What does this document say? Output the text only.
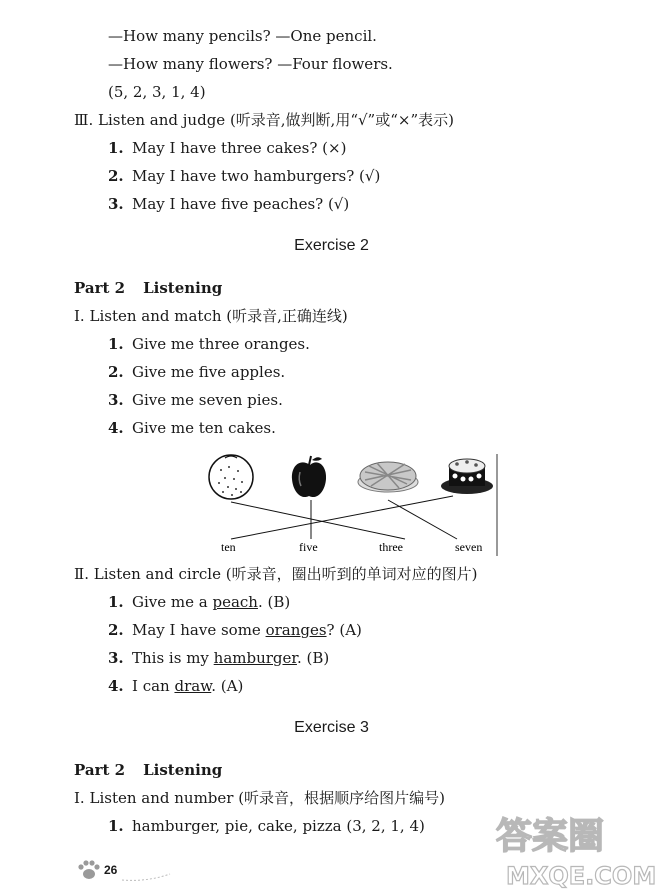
—How many pencils? —One pencil.
—How many flowers? —Four flowers.
(5, 2, 3, 1, 4)
Ⅲ. Listen and judge (听录音,做判断,用“√”或“×”表示)
1. May I have three cakes? (×)
2. May I have two hamburgers? (√)
3. May I have five peaches? (√)
Exercise 2
Part 2 Listening
Ⅰ. Listen and match (听录音,正确连线)
1. Give me three oranges.
2. Give me five apples.
3. Give me seven pies.
4. Give me ten cakes.
ten	five	three	seven
Ⅱ. Listen and circle (听录音，圈出听到的单词对应的图片)
1. Give me a peach. (B)
2. May I have some oranges? (A)
3. This is my hamburger. (B)
4. I can draw. (A)
Exercise 3
Part 2 Listening
Ⅰ. Listen and number (听录音，根据顺序给图片编号)
1. hamburger, pie, cake, pizza (3, 2, 1, 4)
26
答案圈
MXQE.COM
